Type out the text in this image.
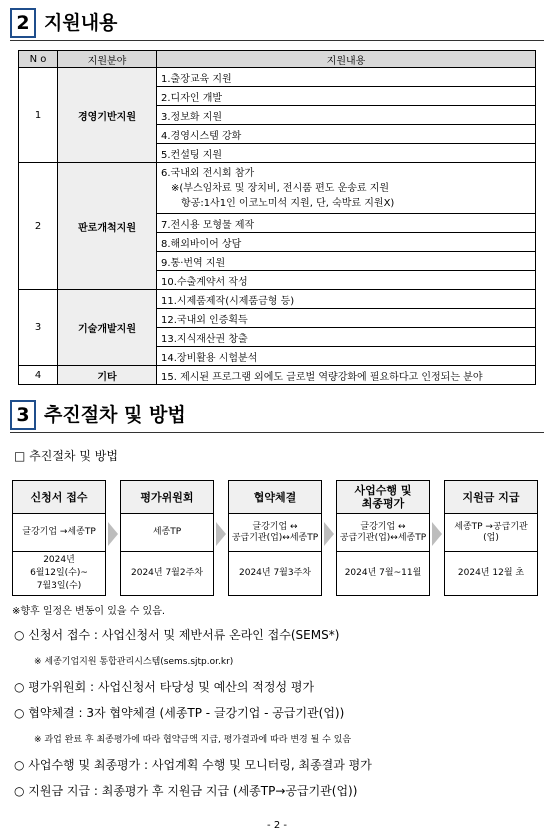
2 지원내용
N o	지원분야	지원내용
1	경영기반지원	1.출장교육 지원
		2.디자인 개발
		3.정보화 지원
		4.경영시스템 강화
		5.컨설팅 지원
2	판로개척지원	6.국내외 전시회 참가
※(부스임차료 및 장치비, 전시품 편도 운송료 지원
항공:1사1인 이코노미석 지원, 단, 숙박료 지원X)

		7.전시용 모형물 제작
		8.해외바이어 상담
		9.통·번역 지원
		10.수출계약서 작성
3	기술개발지원	11.시제품제작(시제품금형 등)
		12.국내외 인증획득
		13.지식재산권 창출
		14.장비활용 시험분석
4	기타	15. 제시된 프로그램 외에도 글로벌 역량강화에 필요하다고 인정되는 분야
3 추진절차 및 방법
□ 추진절차 및 방법
신청서 접수
글강기업 →세종TP
2024년
6월12일(수)~
7월3일(수)
평가위원회
세종TP
2024년 7월2주차
협약체결
글강기업 ↔
공급기관(업)↔세종TP
2024년 7월3주차
사업수행 및
최종평가
글강기업 ↔
공급기관(업)↔세종TP
2024년 7월~11월
지원금 지급
세종TP →공급기관
(업)
2024년 12월 초
※향후 일정은 변동이 있을 수 있음.
○ 신청서 접수 : 사업신청서 및 제반서류 온라인 접수(SEMS*)
※ 세종기업지원 통합관리시스템(sems.sjtp.or.kr)
○ 평가위원회 : 사업신청서 타당성 및 예산의 적정성 평가
○ 협약체결 : 3자 협약체결 (세종TP - 글강기업 - 공급기관(업))
※ 과업 완료 후 최종평가에 따라 협약금액 지급, 평가결과에 따라 변경 될 수 있음
○ 사업수행 및 최종평가 : 사업계획 수행 및 모니터링, 최종결과 평가
○ 지원금 지급 : 최종평가 후 지원금 지급 (세종TP→공급기관(업))
- 2 -
